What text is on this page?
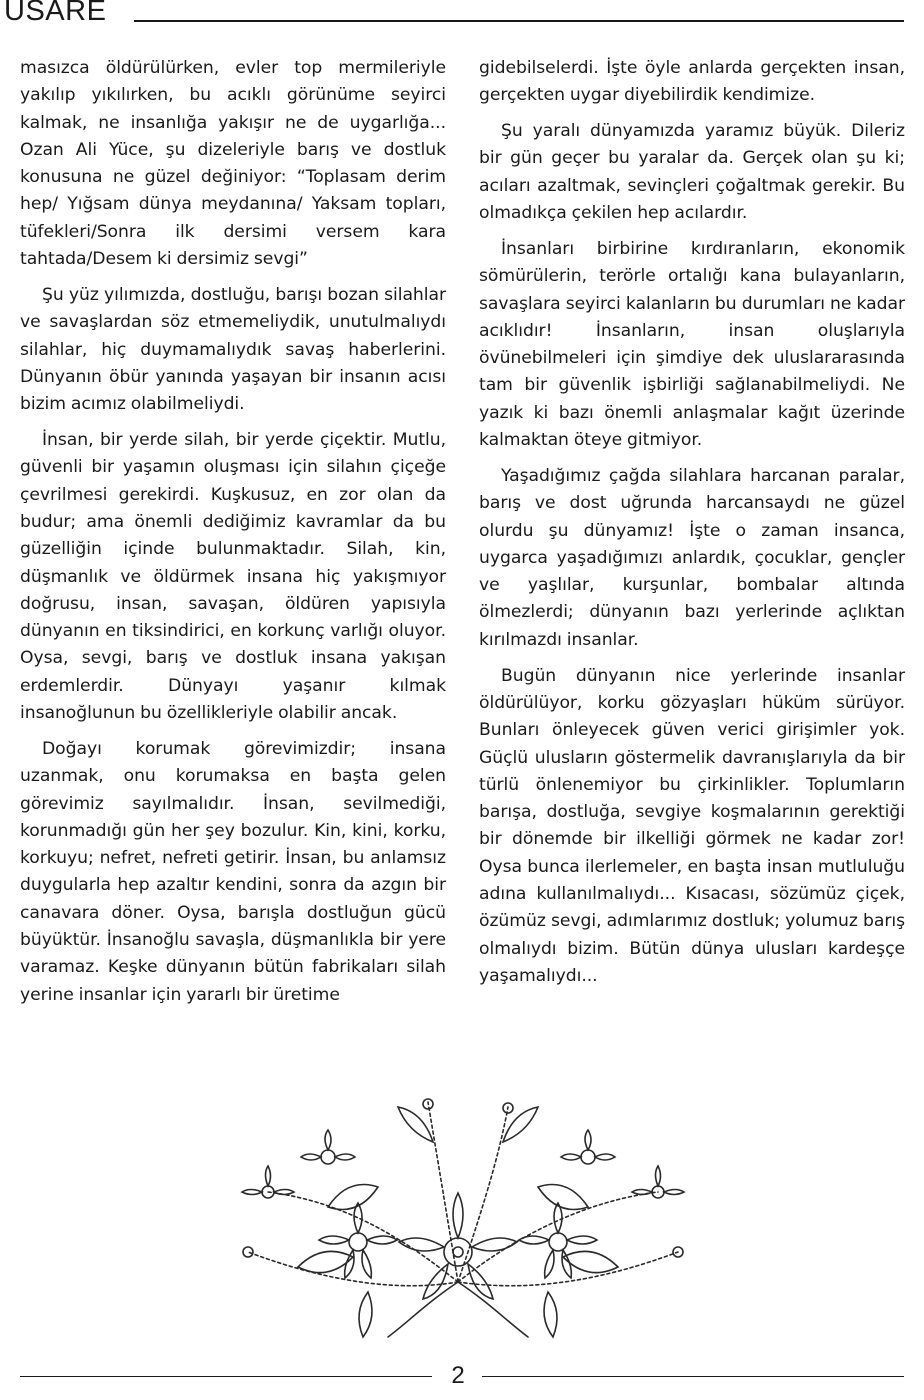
USARE

masızca öldürülürken, evler top mermileriyle yakılıp yıkılırken, bu acıklı görünüme seyirci kalmak, ne insanlığa yakışır ne de uygarlığa... Ozan Ali Yüce, şu dizeleriyle barış ve dostluk konusuna ne güzel değiniyor: “Toplasam derim hep/ Yığsam dünya meydanına/ Yaksam topları, tüfekleri/Sonra ilk dersimi versem kara tahtada/Desem ki dersimiz sevgi”

Şu yüz yılımızda, dostluğu, barışı bozan silahlar ve savaşlardan söz etmemeliydik, unutulmalıydı silahlar, hiç duymamalıydık savaş haberlerini. Dünyanın öbür yanında yaşayan bir insanın acısı bizim acımız olabilmeliydi.

İnsan, bir yerde silah, bir yerde çiçektir. Mutlu, güvenli bir yaşamın oluşması için silahın çiçeğe çevrilmesi gerekirdi. Kuşkusuz, en zor olan da budur; ama önemli dediğimiz kavramlar da bu güzelliğin içinde bulunmaktadır. Silah, kin, düşmanlık ve öldürmek insana hiç yakışmıyor doğrusu, insan, savaşan, öldüren yapısıyla dünyanın en tiksindirici, en korkunç varlığı oluyor. Oysa, sevgi, barış ve dostluk insana yakışan erdemlerdir. Dünyayı yaşanır kılmak insanoğlunun bu özellikleriyle olabilir ancak.

Doğayı korumak görevimizdir; insana uzanmak, onu korumaksa en başta gelen görevimiz sayılmalıdır. İnsan, sevilmediği, korunmadığı gün her şey bozulur. Kin, kini, korku, korkuyu; nefret, nefreti getirir. İnsan, bu anlamsız duygularla hep azaltır kendini, sonra da azgın bir canavara döner. Oysa, barışla dostluğun gücü büyüktür. İnsanoğlu savaşla, düşmanlıkla bir yere varamaz. Keşke dünyanın bütün fabrikaları silah yerine insanlar için yararlı bir üretime

gidebilselerdi. İşte öyle anlarda gerçekten insan, gerçekten uygar diyebilirdik kendimize.

Şu yaralı dünyamızda yaramız büyük. Dileriz bir gün geçer bu yaralar da. Gerçek olan şu ki; acıları azaltmak, sevinçleri çoğaltmak gerekir. Bu olmadıkça çekilen hep acılardır.

İnsanları birbirine kırdıranların, ekonomik sömürülerin, terörle ortalığı kana bulayanların, savaşlara seyirci kalanların bu durumları ne kadar acıklıdır! İnsanların, insan oluşlarıyla övünebilmeleri için şimdiye dek uluslararasında tam bir güvenlik işbirliği sağlanabilmeliydi. Ne yazık ki bazı önemli anlaşmalar kağıt üzerinde kalmaktan öteye gitmiyor.

Yaşadığımız çağda silahlara harcanan paralar, barış ve dost uğrunda harcansaydı ne güzel olurdu şu dünyamız! İşte o zaman insanca, uygarca yaşadığımızı anlardık, çocuklar, gençler ve yaşlılar, kurşunlar, bombalar altında ölmezlerdi; dünyanın bazı yerlerinde açlıktan kırılmazdı insanlar.

Bugün dünyanın nice yerlerinde insanlar öldürülüyor, korku gözyaşları hüküm sürüyor. Bunları önleyecek güven verici girişimler yok. Güçlü ulusların göstermelik davranışlarıyla da bir türlü önlenemiyor bu çirkinlikler. Toplumların barışa, dostluğa, sevgiye koşmalarının gerektiği bir dönemde bir ilkelliği görmek ne kadar zor! Oysa bunca ilerlemeler, en başta insan mutluluğu adına kullanılmalıydı... Kısacası, sözümüz çiçek, özümüz sevgi, adımlarımız dostluk; yolumuz barış olmalıydı bizim. Bütün dünya ulusları kardeşçe yaşamalıydı...

2
